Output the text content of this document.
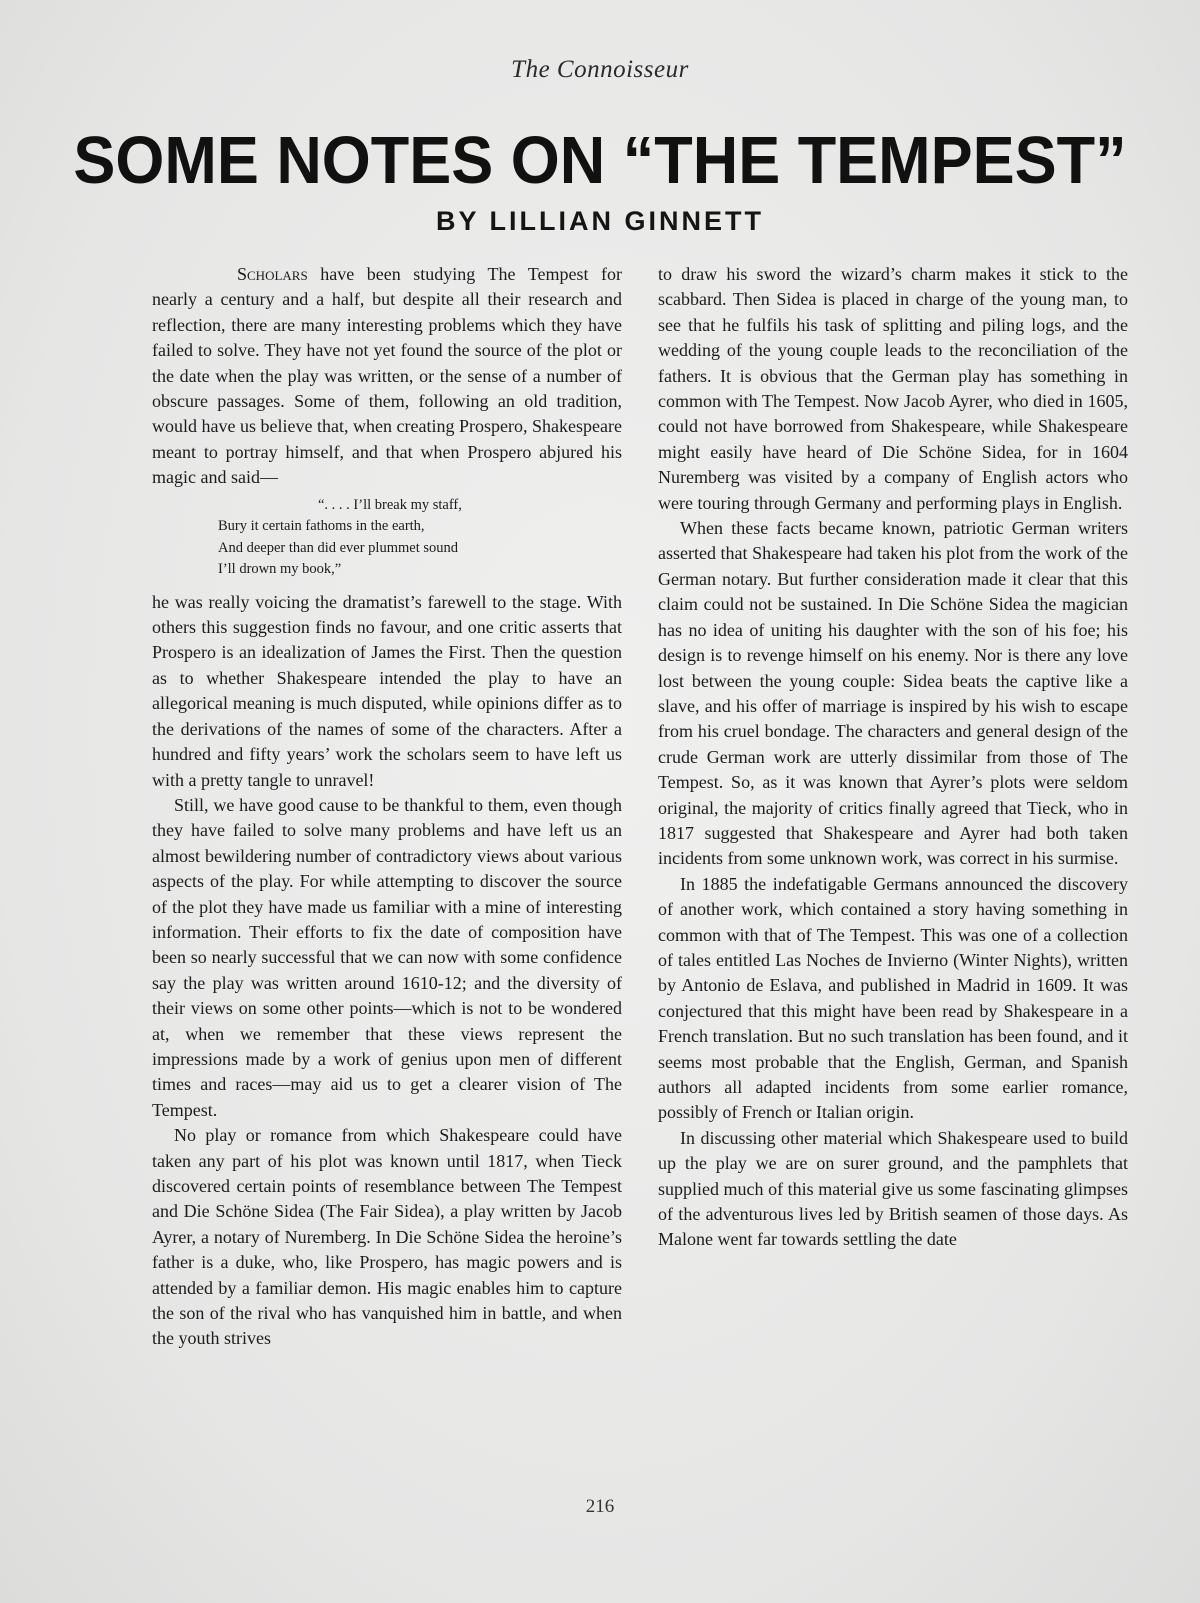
The Connoisseur
SOME NOTES ON “THE TEMPEST”
BY LILLIAN GINNETT

Scholars have been studying The Tempest for nearly a century and a half, but despite all their research and reflection, there are many interesting problems which they have failed to solve. They have not yet found the source of the plot or the date when the play was written, or the sense of a number of obscure passages. Some of them, following an old tradition, would have us believe that, when creating Prospero, Shakespeare meant to portray himself, and that when Prospero abjured his magic and said—

“. . . . I’ll break my staff,
Bury it certain fathoms in the earth,
And deeper than did ever plummet sound
I’ll drown my book,”

he was really voicing the dramatist’s farewell to the stage. With others this suggestion finds no favour, and one critic asserts that Prospero is an idealization of James the First. Then the question as to whether Shakespeare intended the play to have an allegorical meaning is much disputed, while opinions differ as to the derivations of the names of some of the characters. After a hundred and fifty years’ work the scholars seem to have left us with a pretty tangle to unravel!

Still, we have good cause to be thankful to them, even though they have failed to solve many problems and have left us an almost bewildering number of contradictory views about various aspects of the play. For while attempting to discover the source of the plot they have made us familiar with a mine of interesting information. Their efforts to fix the date of composition have been so nearly successful that we can now with some confidence say the play was written around 1610-12; and the diversity of their views on some other points—which is not to be wondered at, when we remember that these views represent the impressions made by a work of genius upon men of different times and races—may aid us to get a clearer vision of The Tempest.

No play or romance from which Shakespeare could have taken any part of his plot was known until 1817, when Tieck discovered certain points of resemblance between The Tempest and Die Schöne Sidea (The Fair Sidea), a play written by Jacob Ayrer, a notary of Nuremberg. In Die Schöne Sidea the heroine’s father is a duke, who, like Prospero, has magic powers and is attended by a familiar demon. His magic enables him to capture the son of the rival who has vanquished him in battle, and when the youth strives

to draw his sword the wizard’s charm makes it stick to the scabbard. Then Sidea is placed in charge of the young man, to see that he fulfils his task of splitting and piling logs, and the wedding of the young couple leads to the reconciliation of the fathers. It is obvious that the German play has something in common with The Tempest. Now Jacob Ayrer, who died in 1605, could not have borrowed from Shakespeare, while Shakespeare might easily have heard of Die Schöne Sidea, for in 1604 Nuremberg was visited by a company of English actors who were touring through Germany and performing plays in English.

When these facts became known, patriotic German writers asserted that Shakespeare had taken his plot from the work of the German notary. But further consideration made it clear that this claim could not be sustained. In Die Schöne Sidea the magician has no idea of uniting his daughter with the son of his foe; his design is to revenge himself on his enemy. Nor is there any love lost between the young couple: Sidea beats the captive like a slave, and his offer of marriage is inspired by his wish to escape from his cruel bondage. The characters and general design of the crude German work are utterly dissimilar from those of The Tempest. So, as it was known that Ayrer’s plots were seldom original, the majority of critics finally agreed that Tieck, who in 1817 suggested that Shakespeare and Ayrer had both taken incidents from some unknown work, was correct in his surmise.

In 1885 the indefatigable Germans announced the discovery of another work, which contained a story having something in common with that of The Tempest. This was one of a collection of tales entitled Las Noches de Invierno (Winter Nights), written by Antonio de Eslava, and published in Madrid in 1609. It was conjectured that this might have been read by Shakespeare in a French translation. But no such translation has been found, and it seems most probable that the English, German, and Spanish authors all adapted incidents from some earlier romance, possibly of French or Italian origin.

In discussing other material which Shakespeare used to build up the play we are on surer ground, and the pamphlets that supplied much of this material give us some fascinating glimpses of the adventurous lives led by British seamen of those days. As Malone went far towards settling the date

216
